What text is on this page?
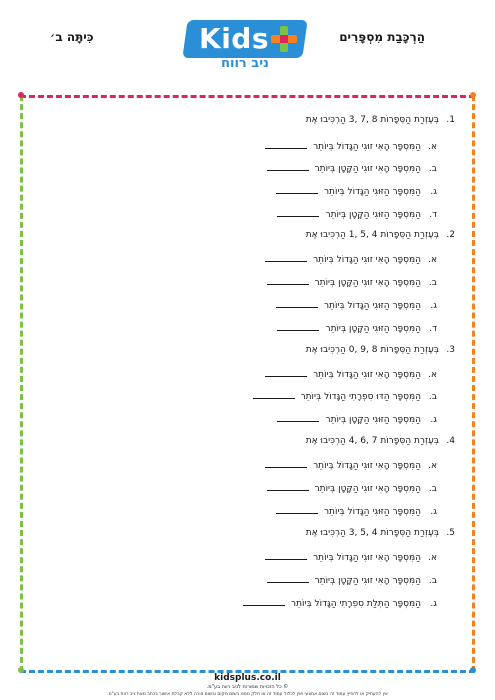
כִּיתָּה ב׳	הַרְכָּבַת מִסְפָּרִים
Kids
ניב רווח
1.בְּעֶזְרַת הַסְּפָרוֹת 8 ,7 ,3 הַרְכִּיבוּ אֶת
א.הַמִּסְפָּר הָאִי זוּגִי הַגָּדוֹל בְּיוֹתֵר
ב.הַמִּסְפָּר הָאִי זוּגִי הַקָּטָן בְּיוֹתֵר
ג.הַמִּסְפָּר הַזּוּגִי הַגָּדוֹל בְּיוֹתֵר
ד.הַמִּסְפָּר הַזּוּגִי הַקָּטָן בְּיוֹתֵר
2.בְּעֶזְרַת הַסְּפָרוֹת 4 ,5 ,1 הַרְכִּיבוּ אֶת
א.הַמִּסְפָּר הָאִי זוּגִי הַגָּדוֹל בְּיוֹתֵר
ב.הַמִּסְפָּר הָאִי זוּגִי הַקָּטָן בְּיוֹתֵר
ג.הַמִּסְפָּר הַזּוּגִי הַגָּדוֹל בְּיוֹתֵר
ד.הַמִּסְפָּר הַזּוּגִי הַקָּטָן בְּיוֹתֵר
3.בְּעֶזְרַת הַסְּפָרוֹת 8 ,9 ,0 הַרְכִּיבוּ אֶת
א.הַמִּסְפָּר הָאִי זוּגִי הַגָּדוֹל בְּיוֹתֵר
ב.הַמִּסְפָּר הַדּוּ סִפְרָתִי הַגָּדוֹל בְּיוֹתֵר
ג.הַמִּסְפָּר הַזּוּגִי הַקָּטָן בְּיוֹתֵר
4.בְּעֶזְרַת הַסְּפָרוֹת 7 ,6 ,4 הַרְכִּיבוּ אֶת
א.הַמִּסְפָּר הָאִי זוּגִי הַגָּדוֹל בְּיוֹתֵר
ב.הַמִּסְפָּר הָאִי זוּגִי הַקָּטָן בְּיוֹתֵר
ג.הַמִּסְפָּר הַזּוּגִי הַגָּדוֹל בְּיוֹתֵר
5.בְּעֶזְרַת הַסְּפָרוֹת 4 ,5 ,3 הַרְכִּיבוּ אֶת
א.הַמִּסְפָּר הָאִי זוּגִי הַגָּדוֹל בְּיוֹתֵר
ב.הַמִּסְפָּר הָאִי זוּגִי הַקָּטָן בְּיוֹתֵר
ג.הַמִּסְפָּר הַתְּלַת סִפְרָתִי הַגָּדוֹל בְּיוֹתֵר
kidsplus.co.il
© כל הזכויות שמורות לניב רווח בע"מ.
אין להעתיק או להפיץ עמוד זה בשום אמצעי ואין לכלול עמוד זה או חלק ממנו בשום מקום ובשום צורה ללא קבלת אישור בכתב מאת ניב רווח בע"מ.
